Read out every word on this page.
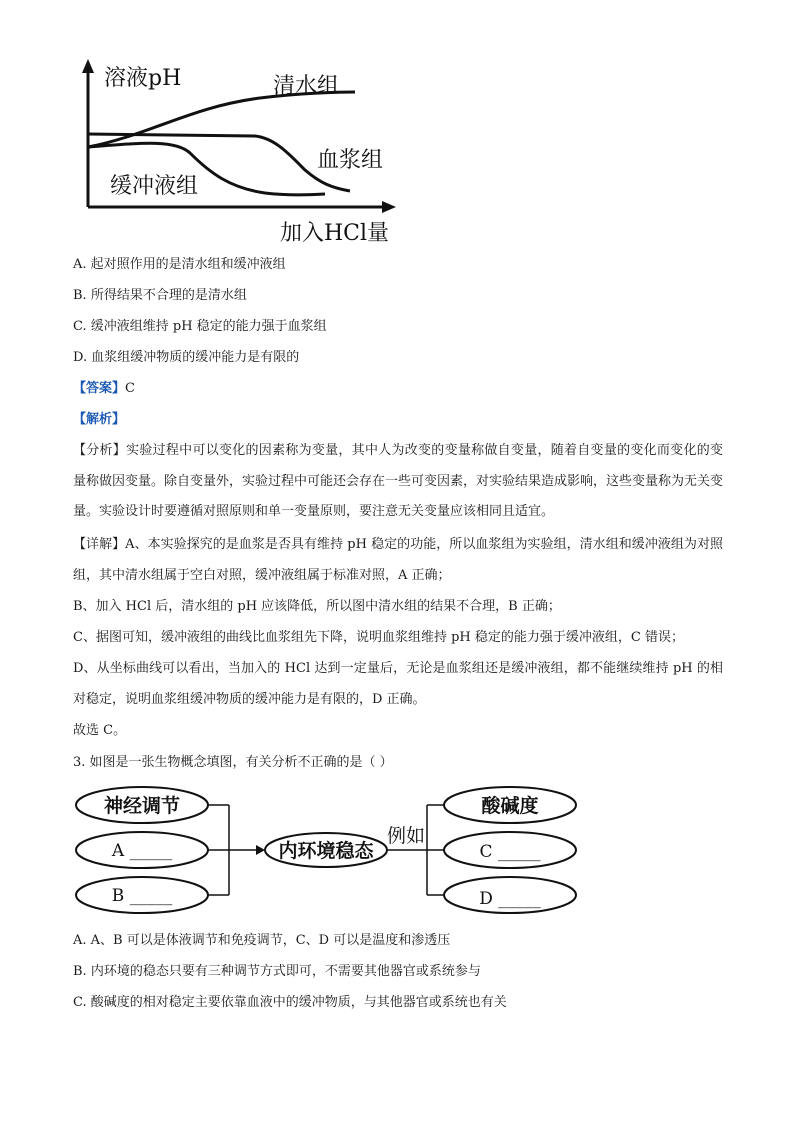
溶液pH	清水组
血浆组
缓冲液组
加入HCl量
A. 起对照作用的是清水组和缓冲液组
B. 所得结果不合理的是清水组
C. 缓冲液组维持 pH 稳定的能力强于血浆组
D. 血浆组缓冲物质的缓冲能力是有限的
【答案】C
【解析】
【分析】实验过程中可以变化的因素称为变量，其中人为改变的变量称做自变量，随着自变量的变化而变化的变量称做因变量。除自变量外，实验过程中可能还会存在一些可变因素，对实验结果造成影响，这些变量称为无关变量。实验设计时要遵循对照原则和单一变量原则，要注意无关变量应该相同且适宜。
【详解】A、本实验探究的是血浆是否具有维持 pH 稳定的功能，所以血浆组为实验组，清水组和缓冲液组为对照组，其中清水组属于空白对照，缓冲液组属于标准对照，A 正确；
B、加入 HCl 后，清水组的 pH 应该降低，所以图中清水组的结果不合理，B 正确；
C、据图可知，缓冲液组的曲线比血浆组先下降，说明血浆组维持 pH 稳定的能力强于缓冲液组，C 错误；
D、从坐标曲线可以看出，当加入的 HCl 达到一定量后，无论是血浆组还是缓冲液组，都不能继续维持 pH 的相对稳定，说明血浆组缓冲物质的缓冲能力是有限的，D 正确。
故选 C。
3. 如图是一张生物概念填图，有关分析不正确的是（ ）
神经调节
A _____
B _____
内环境稳态
例如
酸碱度
C _____
D _____
A. A、B 可以是体液调节和免疫调节，C、D 可以是温度和渗透压
B. 内环境的稳态只要有三种调节方式即可，不需要其他器官或系统参与
C. 酸碱度的相对稳定主要依靠血液中的缓冲物质，与其他器官或系统也有关
